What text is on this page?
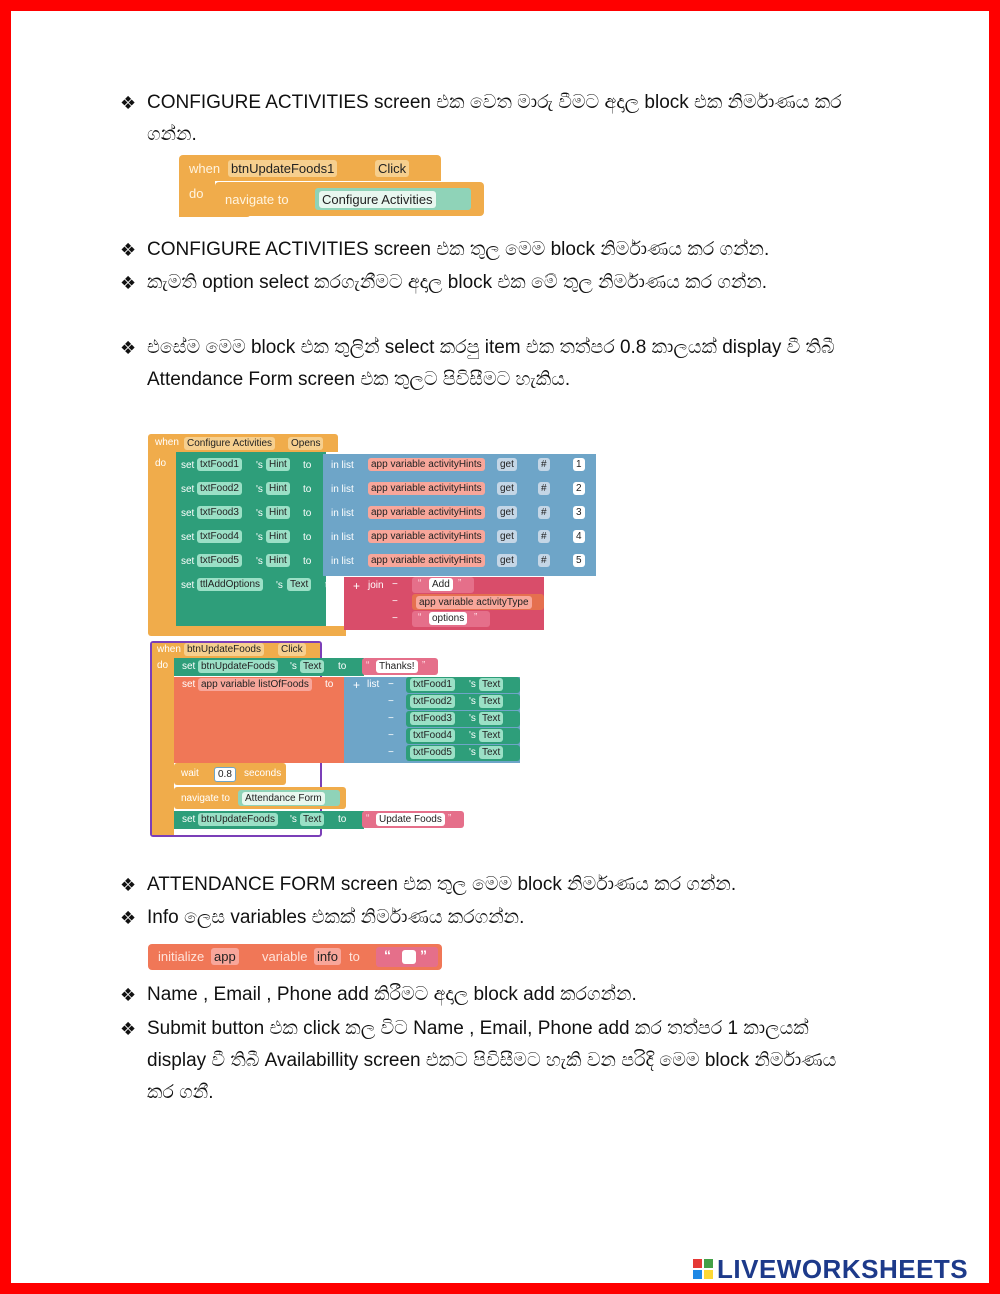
❖ CONFIGURE ACTIVITIES screen එක වෙත මාරු වීමට අදාල block එක නිර්මාණය කර ගන්න.
when btnUpdateFoods1	Click
do navigate to	Configure Activities
❖ CONFIGURE ACTIVITIES screen එක තුල මෙම block නිර්මාණය කර ගන්න.
❖ කැමති option select කරගැනීමට අදාල block එක මේ තුල නිර්මාණය කර ගන්න.
❖ එසේම මෙම block එක තුලින් select කරපු item එක තත්පර 0.8 කාලයක් display වී තිබී Attendance Form screen එක තුලට පිවිසීමට හැකිය.
when Configure Activities	Opens
do set txtFood1	's Hint	to in list	app variable activityHints	get	#	1
set txtFood2	's Hint	to in list	app variable activityHints	get	#	2
set txtFood3	's Hint	to in list	app variable activityHints	get	#	3
set txtFood4	's Hint	to in list	app variable activityHints	get	#	4
set txtFood5	's Hint	to in list	app variable activityHints	get	#	5
set ttlAddOptions	's Text	to + join − “	Add ”
−	app variable activityType
− “	options ”
when btnUpdateFoods	Click
do set btnUpdateFoods	's Text	to “ Thanks! ”
set app variable listOfFoods	to + list −	txtFood1	's Text
−	txtFood2	's Text
−	txtFood3	's Text
−	txtFood4	's Text
−	txtFood5	's Text
wait	0.8	seconds
navigate to	Attendance Form
set btnUpdateFoods	's Text	to “ Update Foods ”
❖ ATTENDANCE FORM screen එක තුල මෙම block නිර්මාණය කර ගන්න.
❖ Info ලෙස variables එකක් නිර්මාණය කරගන්න.
initialize app variable info to “ ”
❖ Name , Email , Phone add කිරීමට අදාල block add කරගන්න.
❖ Submit button එක click කල විට Name , Email, Phone add කර තත්පර 1 කාලයක් display වී තිබී Availabillity screen එකට පිවිසීමට හැකි වන පරිදි මෙම block නිර්මාණය කර ගනී.
LIVEWORKSHEETS
